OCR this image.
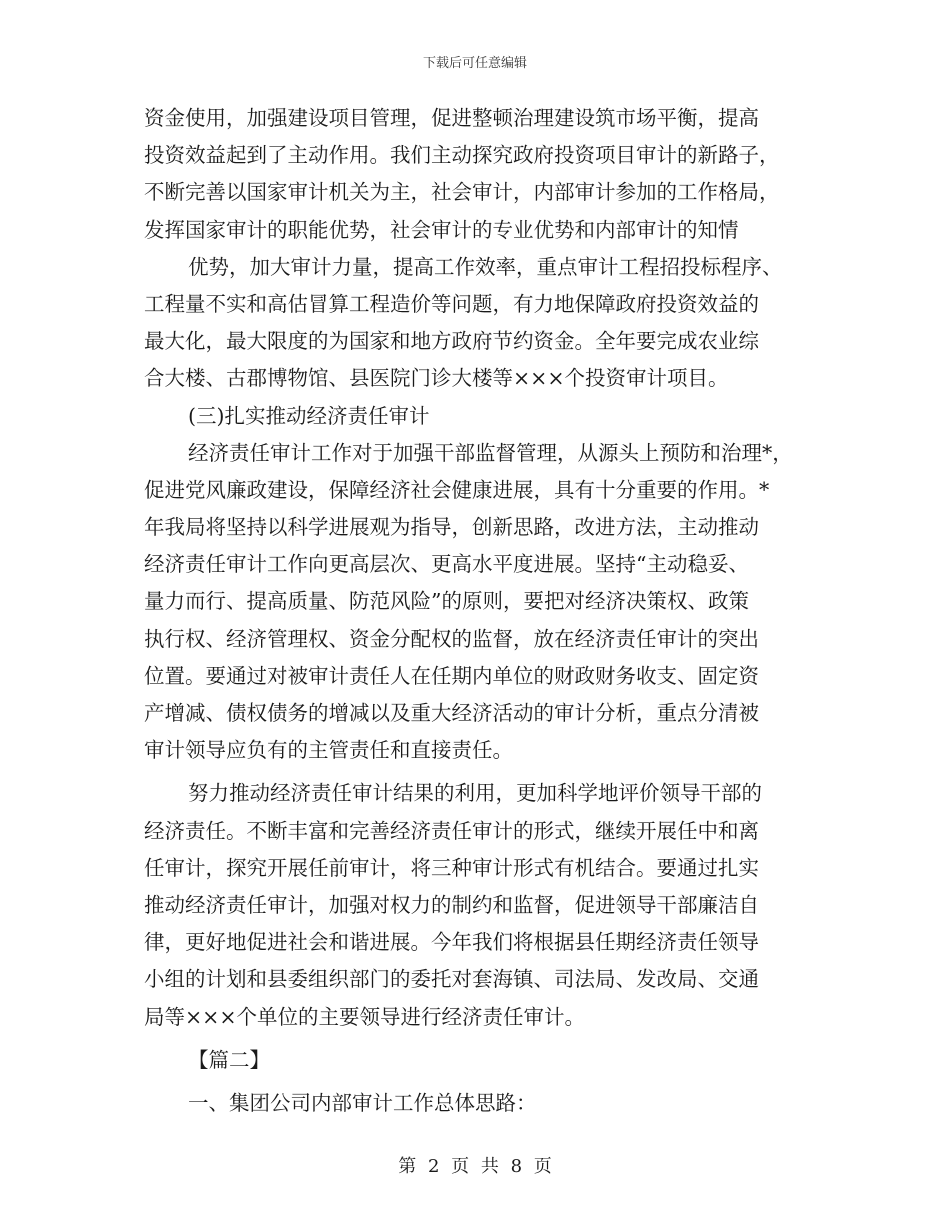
下载后可任意编辑
资金使用，加强建设项目管理，促进整顿治理建设筑市场平衡，提高
投资效益起到了主动作用。我们主动探究政府投资项目审计的新路子，
不断完善以国家审计机关为主，社会审计，内部审计参加的工作格局，
发挥国家审计的职能优势，社会审计的专业优势和内部审计的知情
优势，加大审计力量，提高工作效率，重点审计工程招投标程序、
工程量不实和高估冒算工程造价等问题，有力地保障政府投资效益的
最大化，最大限度的为国家和地方政府节约资金。全年要完成农业综
合大楼、古郡博物馆、县医院门诊大楼等×××个投资审计项目。
(三)扎实推动经济责任审计
经济责任审计工作对于加强干部监督管理，从源头上预防和治理*，
促进党风廉政建设，保障经济社会健康进展，具有十分重要的作用。*
年我局将坚持以科学进展观为指导，创新思路，改进方法，主动推动
经济责任审计工作向更高层次、更高水平度进展。坚持“主动稳妥、
量力而行、提高质量、防范风险”的原则，要把对经济决策权、政策
执行权、经济管理权、资金分配权的监督，放在经济责任审计的突出
位置。要通过对被审计责任人在任期内单位的财政财务收支、固定资
产增减、债权债务的增减以及重大经济活动的审计分析，重点分清被
审计领导应负有的主管责任和直接责任。
努力推动经济责任审计结果的利用，更加科学地评价领导干部的
经济责任。不断丰富和完善经济责任审计的形式，继续开展任中和离
任审计，探究开展任前审计，将三种审计形式有机结合。要通过扎实
推动经济责任审计，加强对权力的制约和监督，促进领导干部廉洁自
律，更好地促进社会和谐进展。今年我们将根据县任期经济责任领导
小组的计划和县委组织部门的委托对套海镇、司法局、发改局、交通
局等×××个单位的主要领导进行经济责任审计。
【篇二】
一、集团公司内部审计工作总体思路：
第 2 页 共 8 页
